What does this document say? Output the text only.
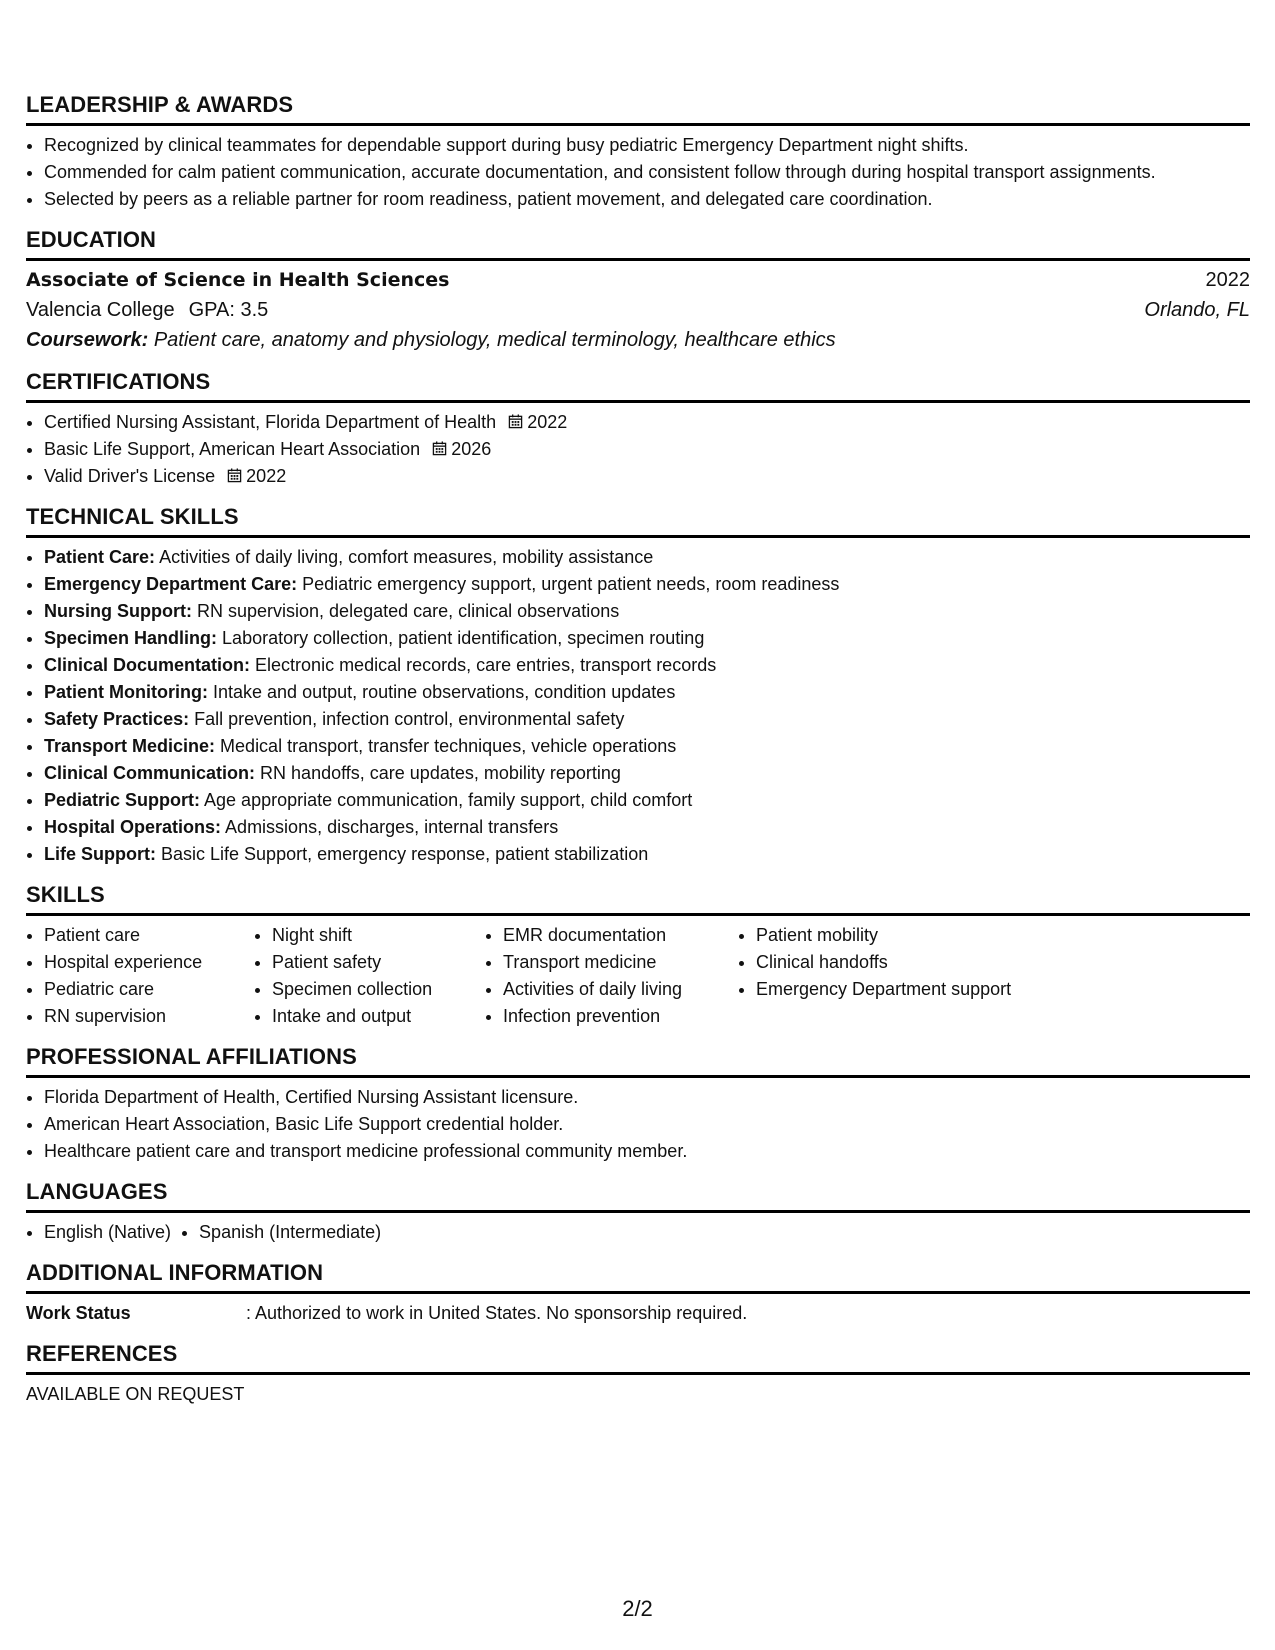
LEADERSHIP & AWARDS
• Recognized by clinical teammates for dependable support during busy pediatric Emergency Department night shifts.
• Commended for calm patient communication, accurate documentation, and consistent follow through during hospital transport assignments.
• Selected by peers as a reliable partner for room readiness, patient movement, and delegated care coordination.
EDUCATION
Associate of Science in Health Sciences	2022
Valencia College GPA: 3.5	Orlando, FL
Coursework: Patient care, anatomy and physiology, medical terminology, healthcare ethics
CERTIFICATIONS
• Certified Nursing Assistant, Florida Department of Health 2022
• Basic Life Support, American Heart Association 2026
• Valid Driver's License 2022
TECHNICAL SKILLS
• Patient Care: Activities of daily living, comfort measures, mobility assistance
• Emergency Department Care: Pediatric emergency support, urgent patient needs, room readiness
• Nursing Support: RN supervision, delegated care, clinical observations
• Specimen Handling: Laboratory collection, patient identification, specimen routing
• Clinical Documentation: Electronic medical records, care entries, transport records
• Patient Monitoring: Intake and output, routine observations, condition updates
• Safety Practices: Fall prevention, infection control, environmental safety
• Transport Medicine: Medical transport, transfer techniques, vehicle operations
• Clinical Communication: RN handoffs, care updates, mobility reporting
• Pediatric Support: Age appropriate communication, family support, child comfort
• Hospital Operations: Admissions, discharges, internal transfers
• Life Support: Basic Life Support, emergency response, patient stabilization
SKILLS
• Patient care
• Hospital experience
• Pediatric care
• RN supervision
• Night shift
• Patient safety
• Specimen collection
• Intake and output
• EMR documentation
• Transport medicine
• Activities of daily living
• Infection prevention
• Patient mobility
• Clinical handoffs
• Emergency Department support
PROFESSIONAL AFFILIATIONS
• Florida Department of Health, Certified Nursing Assistant licensure.
• American Heart Association, Basic Life Support credential holder.
• Healthcare patient care and transport medicine professional community member.
LANGUAGES
• English (Native)
• Spanish (Intermediate)
ADDITIONAL INFORMATION
Work Status	: Authorized to work in United States. No sponsorship required.
REFERENCES
AVAILABLE ON REQUEST
2/2
